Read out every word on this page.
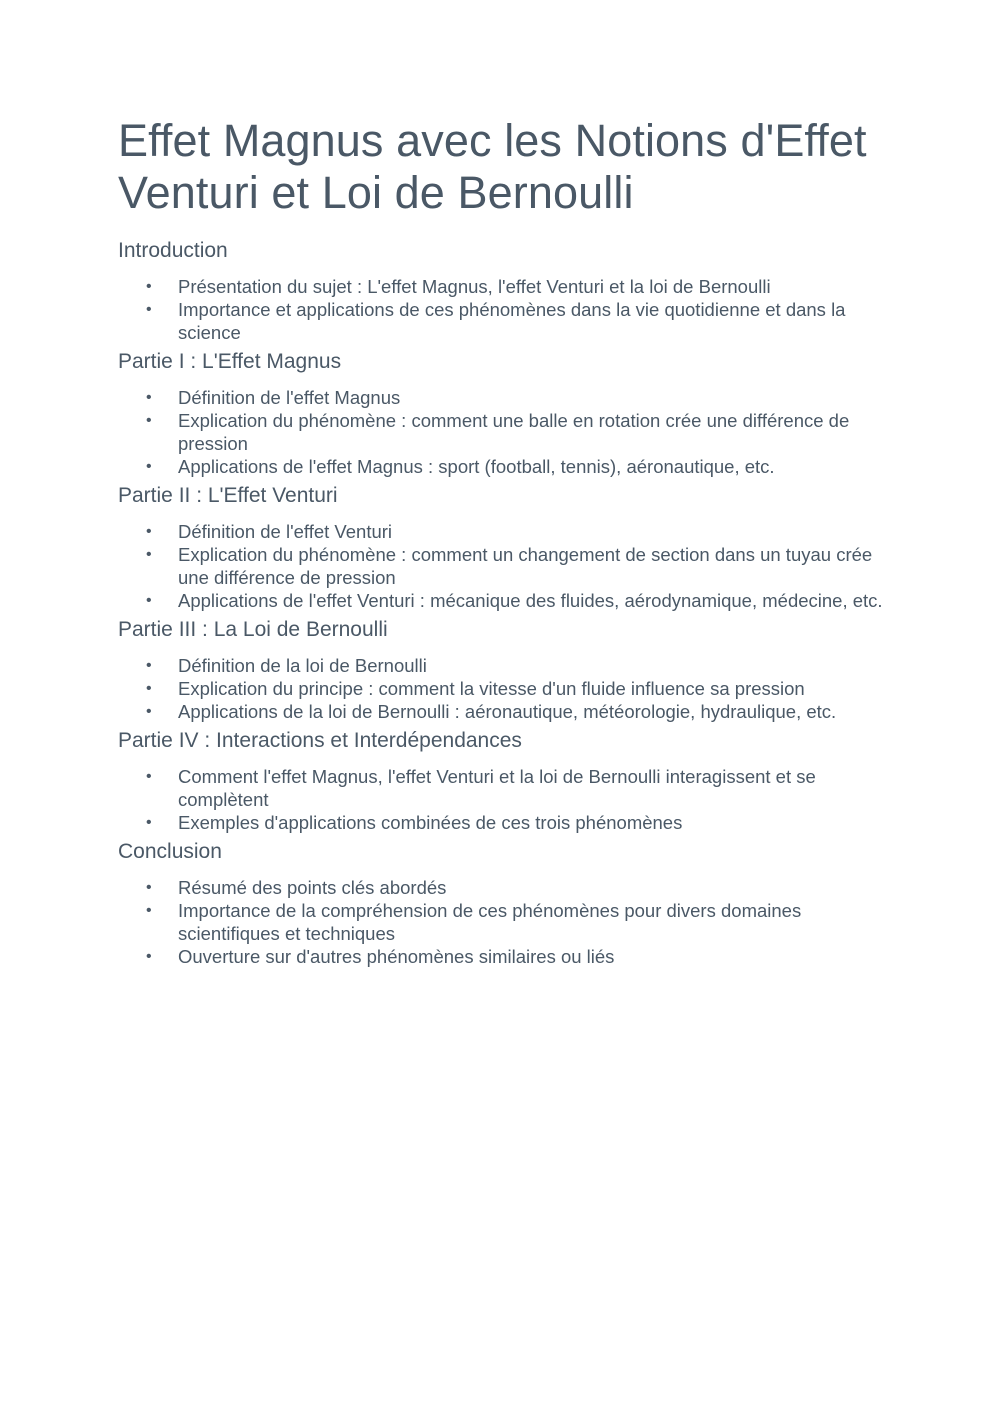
Effet Magnus avec les Notions d'Effet Venturi et Loi de Bernoulli
Introduction
• Présentation du sujet : L'effet Magnus, l'effet Venturi et la loi de Bernoulli
• Importance et applications de ces phénomènes dans la vie quotidienne et dans la science
Partie I : L'Effet Magnus
• Définition de l'effet Magnus
• Explication du phénomène : comment une balle en rotation crée une différence de pression
• Applications de l'effet Magnus : sport (football, tennis), aéronautique, etc.
Partie II : L'Effet Venturi
• Définition de l'effet Venturi
• Explication du phénomène : comment un changement de section dans un tuyau crée une différence de pression
• Applications de l'effet Venturi : mécanique des fluides, aérodynamique, médecine, etc.
Partie III : La Loi de Bernoulli
• Définition de la loi de Bernoulli
• Explication du principe : comment la vitesse d'un fluide influence sa pression
• Applications de la loi de Bernoulli : aéronautique, météorologie, hydraulique, etc.
Partie IV : Interactions et Interdépendances
• Comment l'effet Magnus, l'effet Venturi et la loi de Bernoulli interagissent et se complètent
• Exemples d'applications combinées de ces trois phénomènes
Conclusion
• Résumé des points clés abordés
• Importance de la compréhension de ces phénomènes pour divers domaines scientifiques et techniques
• Ouverture sur d'autres phénomènes similaires ou liés
